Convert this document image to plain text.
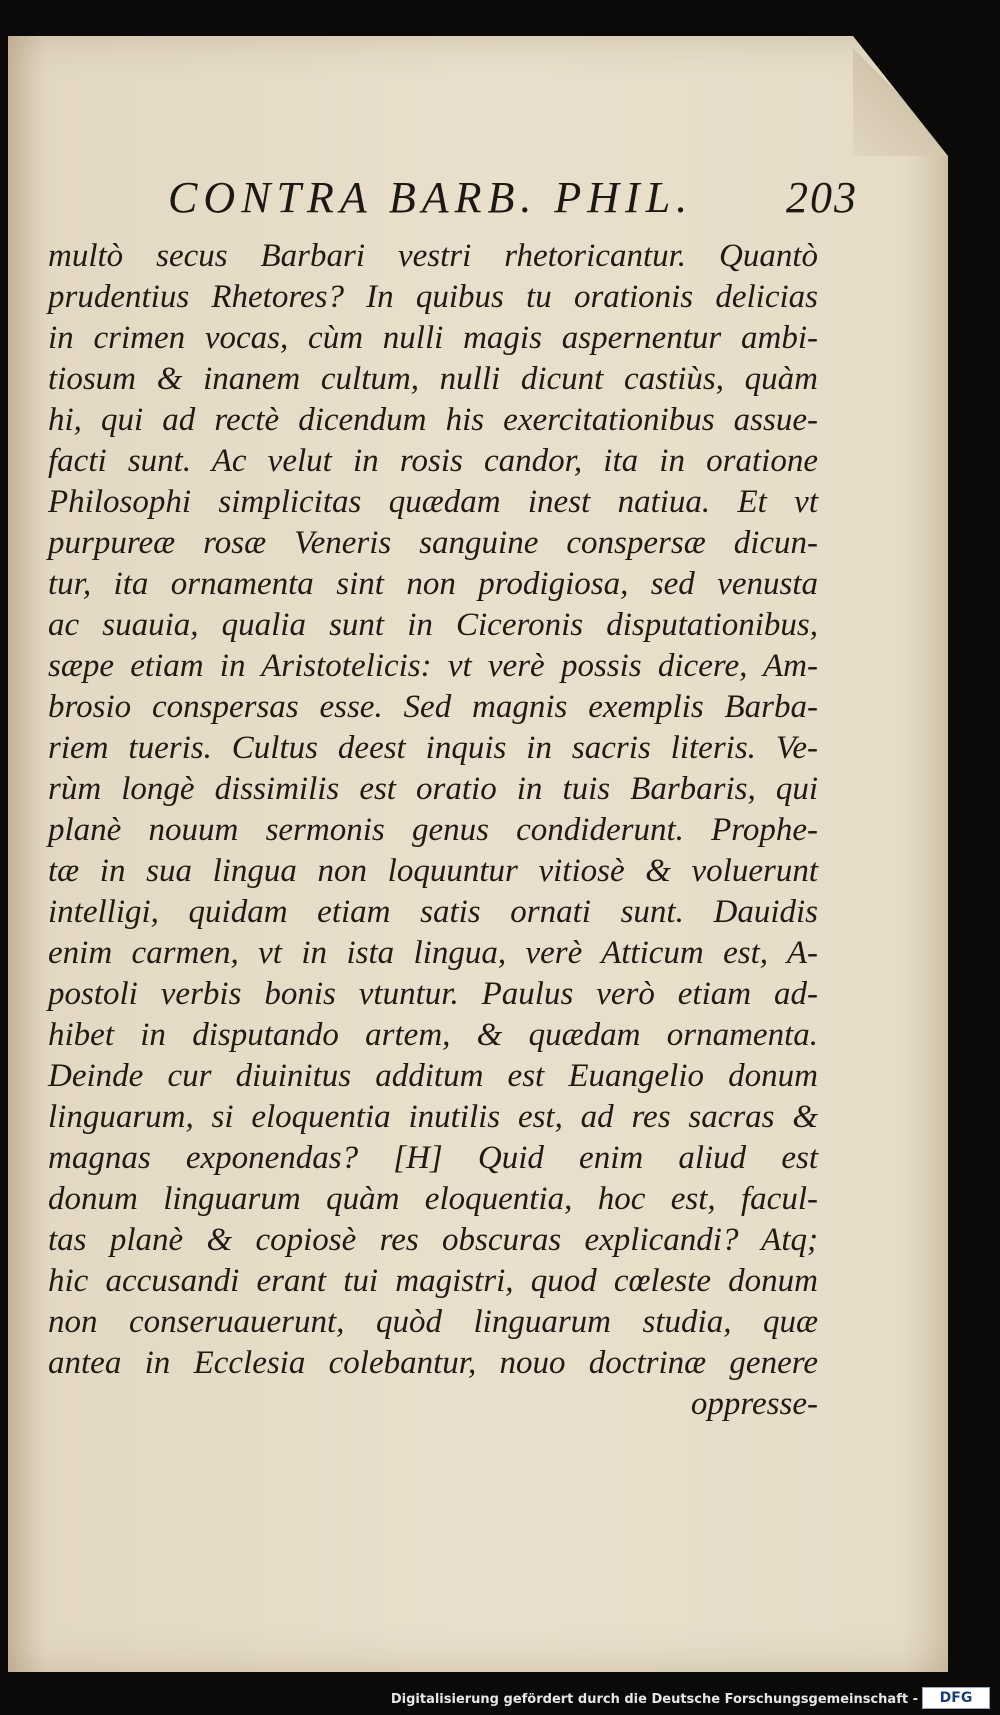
CONTRA BARB. PHIL. 203
multò secus Barbari vestri rhetoricantur. Quantò
prudentius Rhetores? In quibus tu orationis delicias
in crimen vocas, cùm nulli magis aspernentur ambi-
tiosum & inanem cultum, nulli dicunt castiùs, quàm
hi, qui ad rectè dicendum his exercitationibus assue-
facti sunt. Ac velut in rosis candor, ita in oratione
Philosophi simplicitas quædam inest natiua. Et vt
purpureæ rosæ Veneris sanguine conspersæ dicun-
tur, ita ornamenta sint non prodigiosa, sed venusta
ac suauia, qualia sunt in Ciceronis disputationibus,
sæpe etiam in Aristotelicis: vt verè possis dicere, Am-
brosio conspersas esse. Sed magnis exemplis Barba-
riem tueris. Cultus deest inquis in sacris literis. Ve-
rùm longè dissimilis est oratio in tuis Barbaris, qui
planè nouum sermonis genus condiderunt. Prophe-
tæ in sua lingua non loquuntur vitiosè & voluerunt
intelligi, quidam etiam satis ornati sunt. Dauidis
enim carmen, vt in ista lingua, verè Atticum est, A-
postoli verbis bonis vtuntur. Paulus verò etiam ad-
hibet in disputando artem, & quædam ornamenta.
Deinde cur diuinitus additum est Euangelio donum
linguarum, si eloquentia inutilis est, ad res sacras &
magnas exponendas? [H] Quid enim aliud est
donum linguarum quàm eloquentia, hoc est, facul-
tas planè & copiosè res obscuras explicandi? Atq;
hic accusandi erant tui magistri, quod cœleste donum
non conseruauerunt, quòd linguarum studia, quæ
antea in Ecclesia colebantur, nouo doctrinæ genere
oppresse-
Digitalisierung gefördert durch die Deutsche Forschungsgemeinschaft -	DFG
